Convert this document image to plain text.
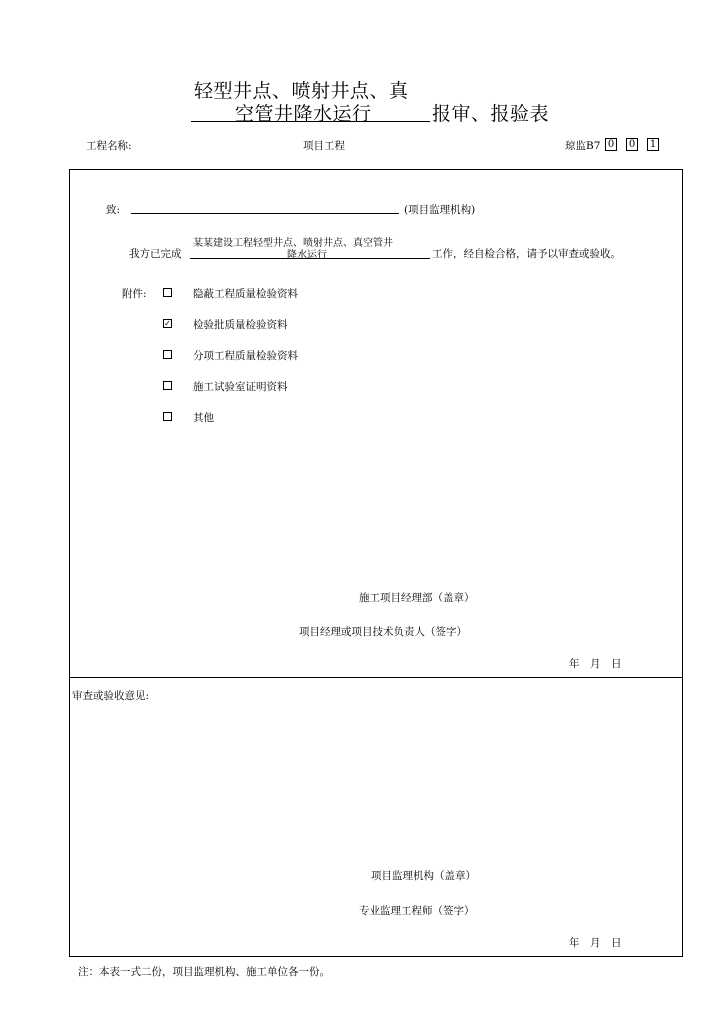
轻型井点、喷射井点、真
空管井降水运行	报审、报验表
工程名称:	项目工程	琼监B7 0 0 1
致:	(项目监理机构)
我方已完成
某某建设工程轻型井点、喷射井点、真空管井
降水运行	工作，经自检合格，请予以审查或验收。
附件:	隐蔽工程质量检验资料
✓ 检验批质量检验资料
分项工程质量检验资料
施工试验室证明资料
其他
施工项目经理部（盖章）
项目经理或项目技术负责人（签字）
年　月　日
审查或验收意见:
项目监理机构（盖章）
专业监理工程师（签字）
年　月　日
注：本表一式二份，项目监理机构、施工单位各一份。
